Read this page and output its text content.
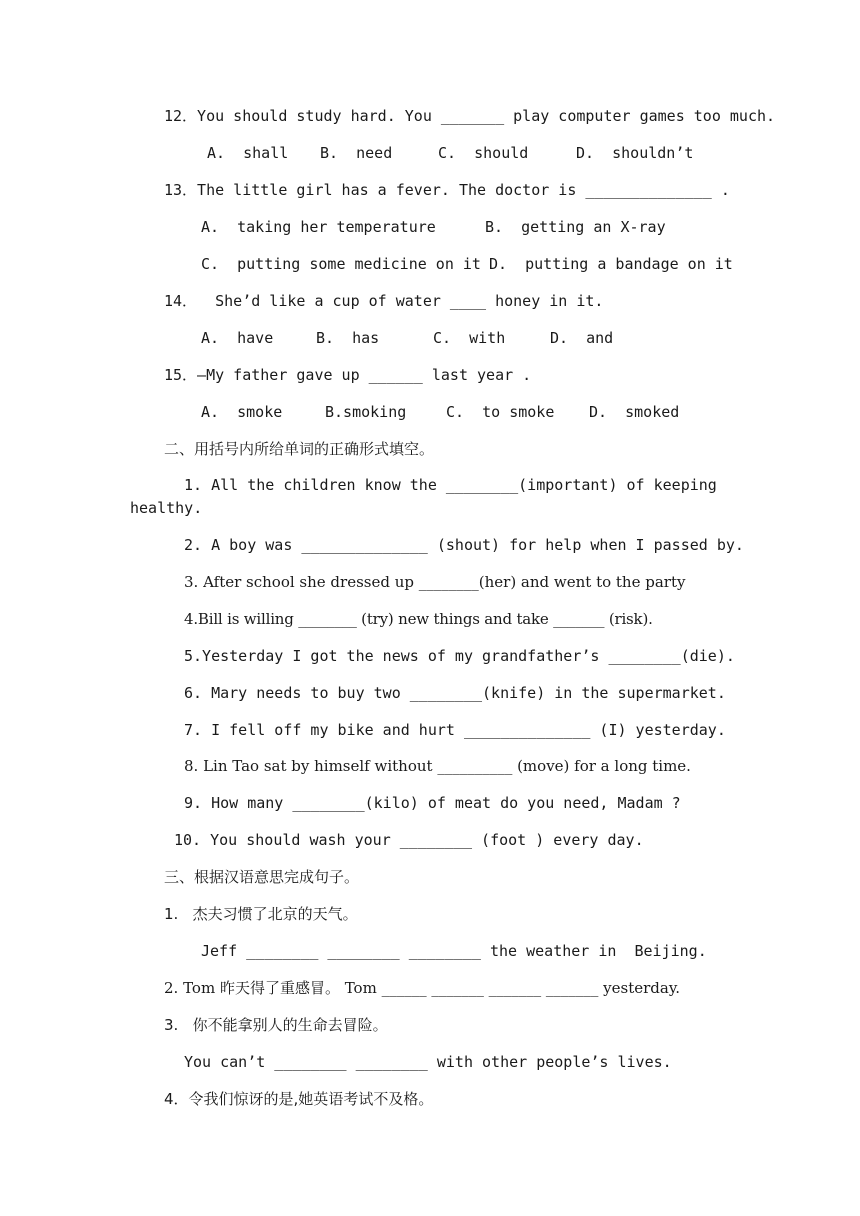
12．You should study hard. You _______ play computer games too much.
A.  shall B.  need	C.  should	D.  shouldn’t
13．The little girl has a fever. The doctor is ______________ .
A.  taking her temperature	B.  getting an X-ray
C.  putting some medicine on it D.  putting a bandage on it
14．  She’d like a cup of water ____ honey in it.
A.  have	B.  has	C.  with	D.  and
15．—My father gave up ______ last year .
A.  smoke	B.smoking	C.  to smoke D.  smoked
二、用括号内所给单词的正确形式填空。
1. All the children know the ________(important) of keeping
healthy.
2. A boy was ______________ (shout) for help when I passed by.
3. After school she dressed up ________(her) and went to the party
4.Bill is willing ________ (try) new things and take _______ (risk).
5.Yesterday I got the news of my grandfather’s ________(die).
6. Mary needs to buy two ________(knife) in the supermarket.
7. I fell off my bike and hurt ______________ (I) yesterday.
8. Lin Tao sat by himself without __________ (move) for a long time.
9. How many ________(kilo) of meat do you need, Madam ?
10. You should wash your ________ (foot ) every day.
三、根据汉语意思完成句子。
1.   杰夫习惯了北京的天气。
Jeff ________ ________ ________ the weather in  Beijing.
2. Tom 昨天得了重感冒。 Tom ______ _______ _______ _______ yesterday.
3.   你不能拿别人的生命去冒险。
You can’t ________ ________ with other people’s lives.
4．令我们惊讶的是,她英语考试不及格。
